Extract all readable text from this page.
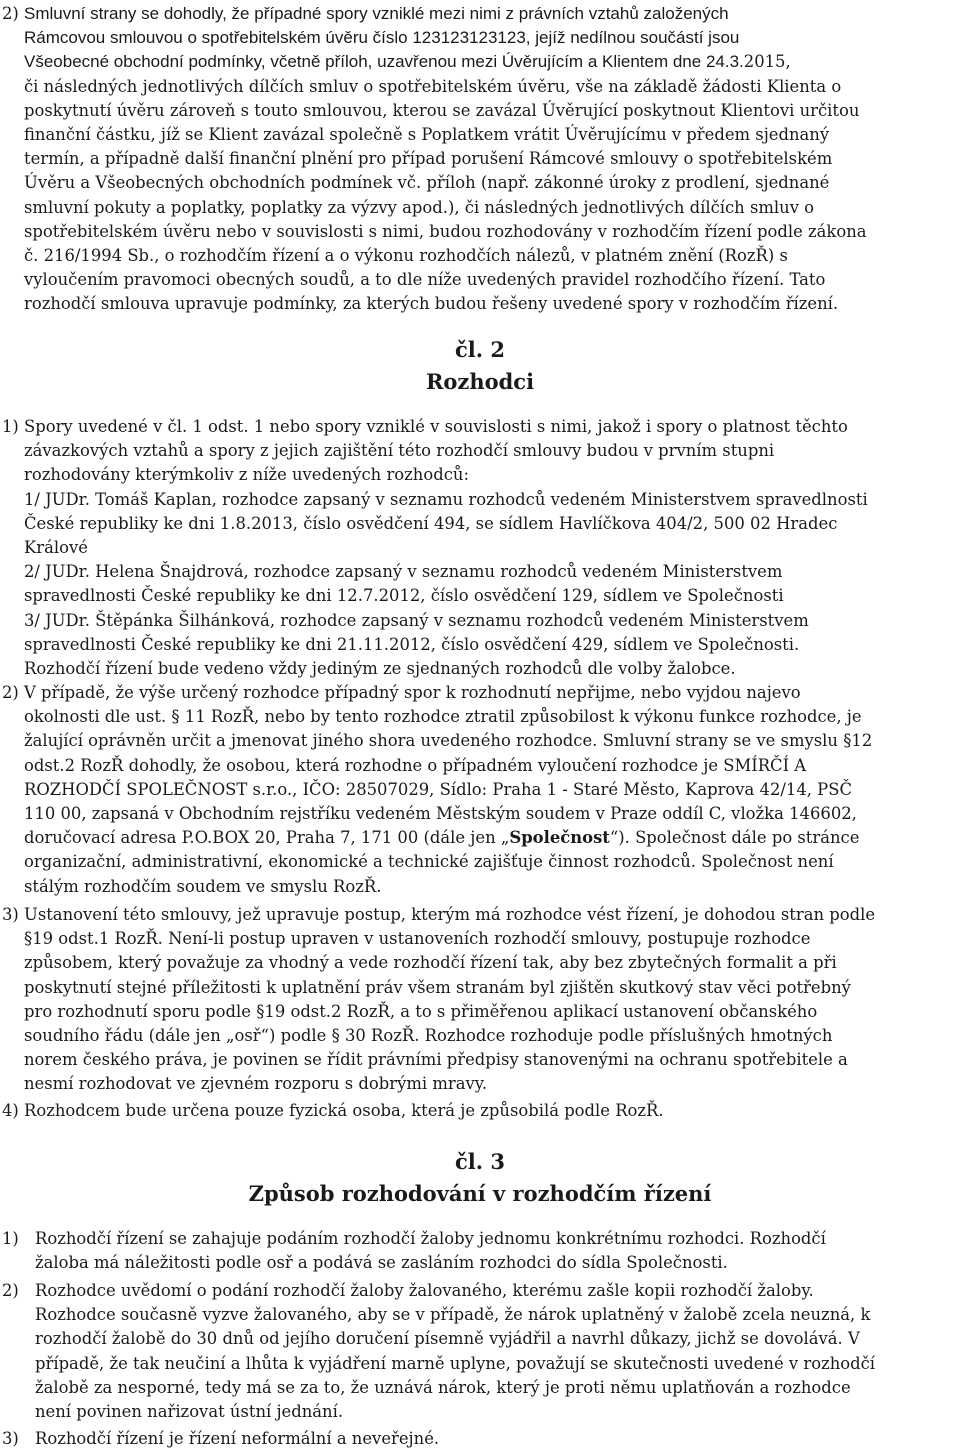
2) Smluvní strany se dohodly, že případné spory vzniklé mezi nimi z právních vztahů založených
Rámcovou smlouvou o spotřebitelském úvěru číslo 123123123123, jejíž nedílnou součástí jsou
Všeobecné obchodní podmínky, včetně příloh, uzavřenou mezi Úvěrujícím a Klientem dne 24.3.2015,
či následných jednotlivých dílčích smluv o spotřebitelském úvěru, vše na základě žádosti Klienta o
poskytnutí úvěru zároveň s touto smlouvou, kterou se zavázal Úvěrující poskytnout Klientovi určitou
finanční částku, jíž se Klient zavázal společně s Poplatkem vrátit Úvěrujícímu v předem sjednaný
termín, a případně další finanční plnění pro případ porušení Rámcové smlouvy o spotřebitelském
Úvěru a Všeobecných obchodních podmínek vč. příloh (např. zákonné úroky z prodlení, sjednané
smluvní pokuty a poplatky, poplatky za výzvy apod.), či následných jednotlivých dílčích smluv o
spotřebitelském úvěru nebo v souvislosti s nimi, budou rozhodovány v rozhodčím řízení podle zákona
č. 216/1994 Sb., o rozhodčím řízení a o výkonu rozhodčích nálezů, v platném znění (RozŘ) s
vyloučením pravomoci obecných soudů, a to dle níže uvedených pravidel rozhodčího řízení. Tato
rozhodčí smlouva upravuje podmínky, za kterých budou řešeny uvedené spory v rozhodčím řízení.
čl. 2
Rozhodci
1) Spory uvedené v čl. 1 odst. 1 nebo spory vzniklé v souvislosti s nimi, jakož i spory o platnost těchto
závazkových vztahů a spory z jejich zajištění této rozhodčí smlouvy budou v prvním stupni
rozhodovány kterýmkoliv z níže uvedených rozhodců:
1/ JUDr. Tomáš Kaplan, rozhodce zapsaný v seznamu rozhodců vedeném Ministerstvem spravedlnosti
České republiky ke dni 1.8.2013, číslo osvědčení 494, se sídlem Havlíčkova 404/2, 500 02 Hradec
Králové
2/ JUDr. Helena Šnajdrová, rozhodce zapsaný v seznamu rozhodců vedeném Ministerstvem
spravedlnosti České republiky ke dni 12.7.2012, číslo osvědčení 129, sídlem ve Společnosti
3/ JUDr. Štěpánka Šilhánková, rozhodce zapsaný v seznamu rozhodců vedeném Ministerstvem
spravedlnosti České republiky ke dni 21.11.2012, číslo osvědčení 429, sídlem ve Společnosti.
Rozhodčí řízení bude vedeno vždy jediným ze sjednaných rozhodců dle volby žalobce.
2) V případě, že výše určený rozhodce případný spor k rozhodnutí nepřijme, nebo vyjdou najevo
okolnosti dle ust. § 11 RozŘ, nebo by tento rozhodce ztratil způsobilost k výkonu funkce rozhodce, je
žalující oprávněn určit a jmenovat jiného shora uvedeného rozhodce. Smluvní strany se ve smyslu §12
odst.2 RozŘ dohodly, že osobou, která rozhodne o případném vyloučení rozhodce je SMÍRČÍ A
ROZHODČÍ SPOLEČNOST s.r.o., IČO: 28507029, Sídlo: Praha 1 - Staré Město, Kaprova 42/14, PSČ
110 00, zapsaná v Obchodním rejstříku vedeném Městským soudem v Praze oddíl C, vložka 146602,
doručovací adresa P.O.BOX 20, Praha 7, 171 00 (dále jen „Společnost“). Společnost dále po stránce
organizační, administrativní, ekonomické a technické zajišťuje činnost rozhodců. Společnost není
stálým rozhodčím soudem ve smyslu RozŘ.
3) Ustanovení této smlouvy, jež upravuje postup, kterým má rozhodce vést řízení, je dohodou stran podle
§19 odst.1 RozŘ. Není-li postup upraven v ustanoveních rozhodčí smlouvy, postupuje rozhodce
způsobem, který považuje za vhodný a vede rozhodčí řízení tak, aby bez zbytečných formalit a při
poskytnutí stejné příležitosti k uplatnění práv všem stranám byl zjištěn skutkový stav věci potřebný
pro rozhodnutí sporu podle §19 odst.2 RozŘ, a to s přiměřenou aplikací ustanovení občanského
soudního řádu (dále jen „osř“) podle § 30 RozŘ. Rozhodce rozhoduje podle příslušných hmotných
norem českého práva, je povinen se řídit právními předpisy stanovenými na ochranu spotřebitele a
nesmí rozhodovat ve zjevném rozporu s dobrými mravy.
4) Rozhodcem bude určena pouze fyzická osoba, která je způsobilá podle RozŘ.
čl. 3
Způsob rozhodování v rozhodčím řízení
1) Rozhodčí řízení se zahajuje podáním rozhodčí žaloby jednomu konkrétnímu rozhodci. Rozhodčí
žaloba má náležitosti podle osř a podává se zasláním rozhodci do sídla Společnosti.
2) Rozhodce uvědomí o podání rozhodčí žaloby žalovaného, kterému zašle kopii rozhodčí žaloby.
Rozhodce současně vyzve žalovaného, aby se v případě, že nárok uplatněný v žalobě zcela neuzná, k
rozhodčí žalobě do 30 dnů od jejího doručení písemně vyjádřil a navrhl důkazy, jichž se dovolává. V
případě, že tak neučiní a lhůta k vyjádření marně uplyne, považují se skutečnosti uvedené v rozhodčí
žalobě za nesporné, tedy má se za to, že uznává nárok, který je proti němu uplatňován a rozhodce
není povinen nařizovat ústní jednání.
3) Rozhodčí řízení je řízení neformální a neveřejné.
